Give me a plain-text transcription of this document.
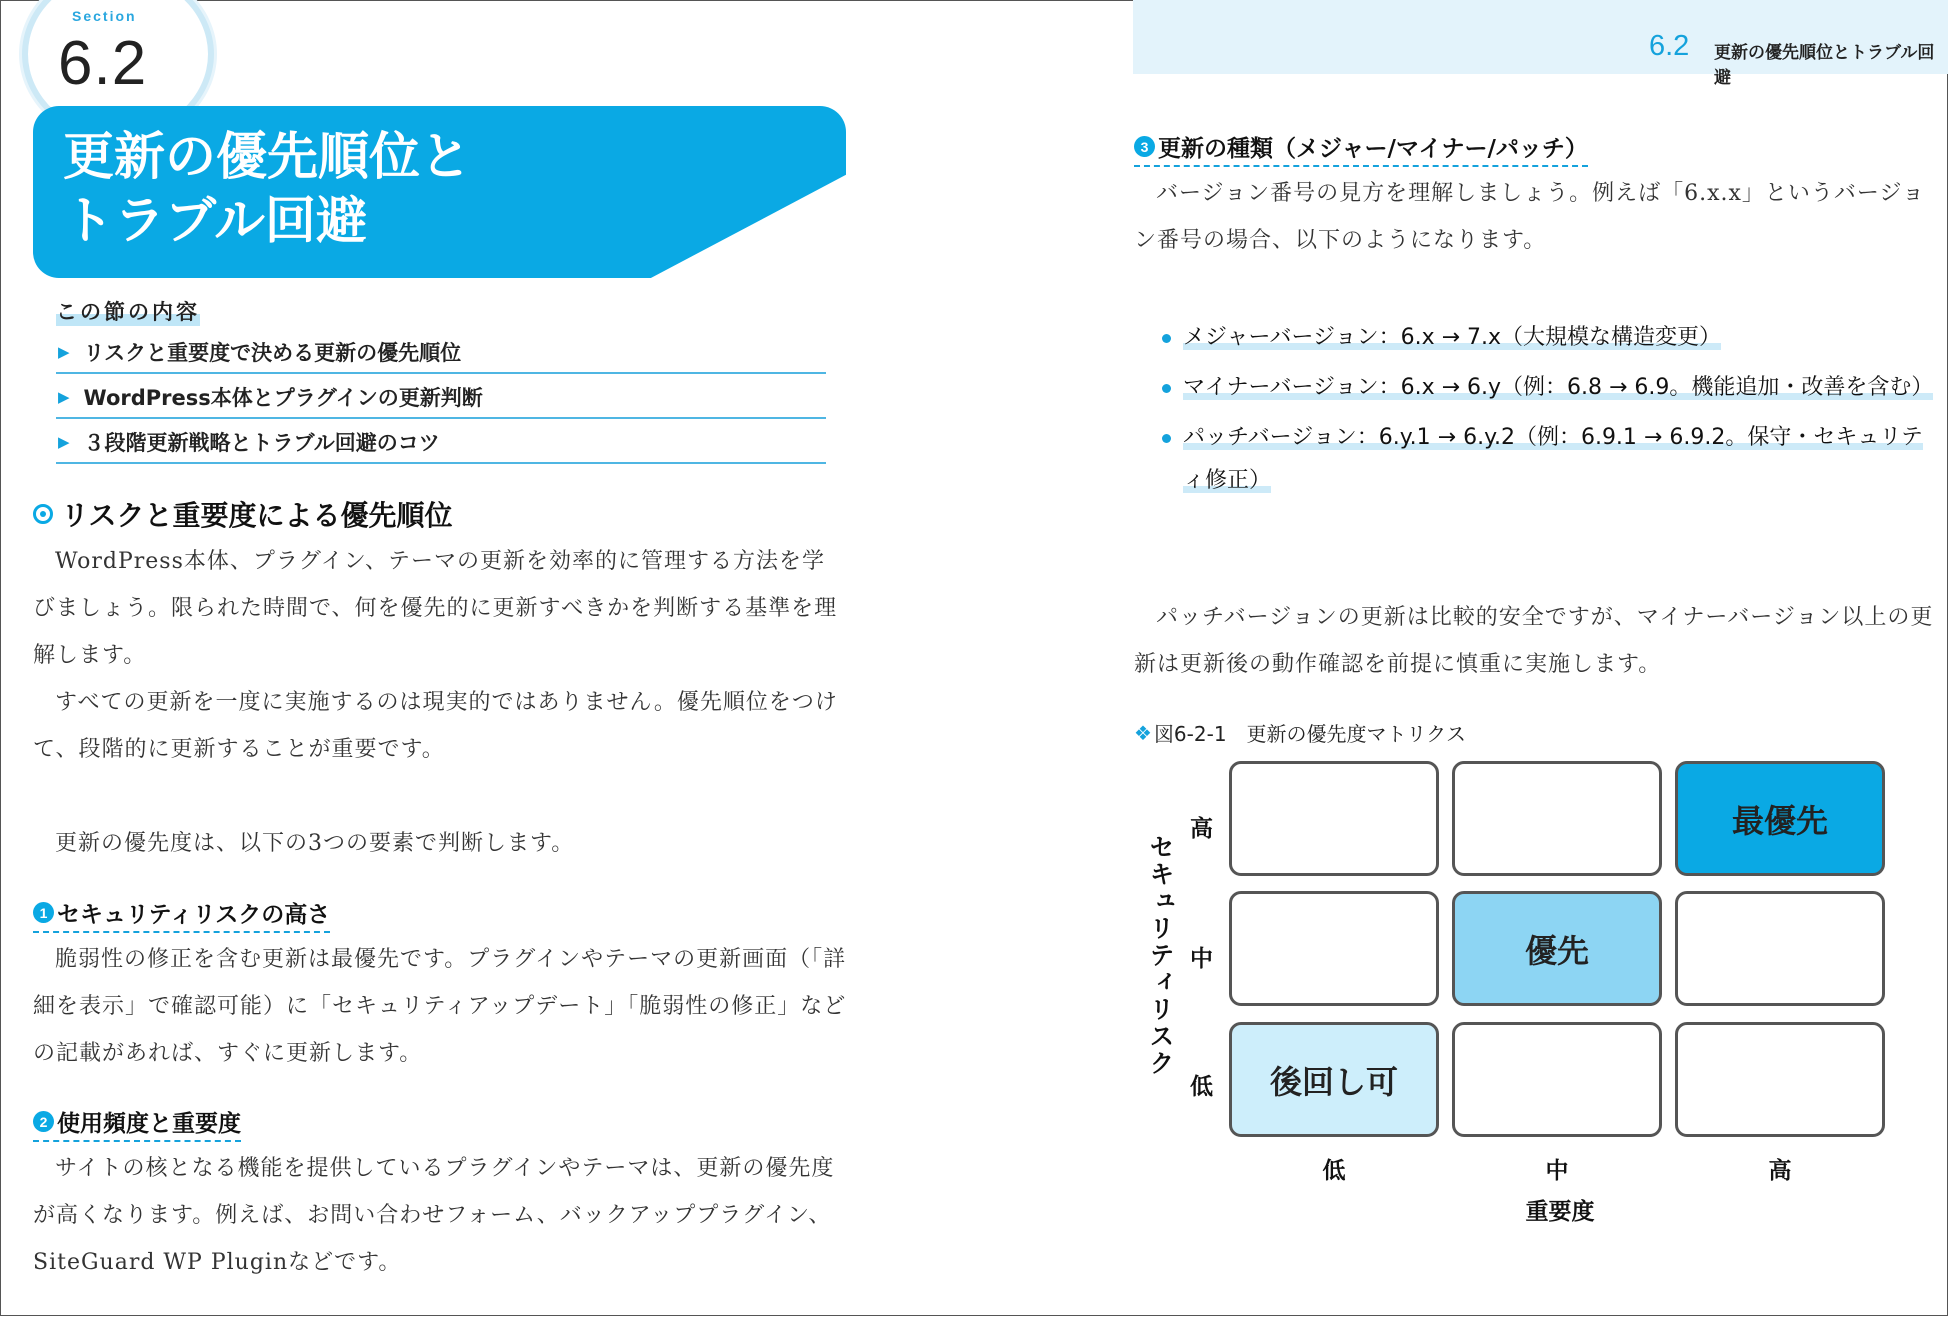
Section
6.2
更新の優先順位と
トラブル回避
この節の内容
▶ リスクと重要度で決める更新の優先順位
▶ WordPress本体とプラグインの更新判断
▶ ３段階更新戦略とトラブル回避のコツ
リスクと重要度による優先順位

WordPress本体、プラグイン、テーマの更新を効率的に管理する方法を学びましょう。限られた時間で、何を優先的に更新すべきかを判断する基準を理解します。

すべての更新を一度に実施するのは現実的ではありません。優先順位をつけて、段階的に更新することが重要です。

更新の優先度は、以下の3つの要素で判断します。

1 セキュリティリスクの高さ

脆弱性の修正を含む更新は最優先です。プラグインやテーマの更新画面（「詳細を表示」で確認可能）に「セキュリティアップデート」「脆弱性の修正」などの記載があれば、すぐに更新します。

2 使用頻度と重要度

サイトの核となる機能を提供しているプラグインやテーマは、更新の優先度が高くなります。例えば、お問い合わせフォーム、バックアッププラグイン、SiteGuard WP Pluginなどです。

6.2 更新の優先順位とトラブル回避
3 更新の種類（メジャー/マイナー/パッチ）

バージョン番号の見方を理解しましょう。例えば「6.x.x」というバージョン番号の場合、以下のようになります。

メジャーバージョン：6.x → 7.x（大規模な構造変更）
マイナーバージョン：6.x → 6.y（例：6.8 → 6.9。機能追加・改善を含む）
パッチバージョン：6.y.1 → 6.y.2（例：6.9.1 → 6.9.2。保守・セキュリティ修正）

パッチバージョンの更新は比較的安全ですが、マイナーバージョン以上の更新は更新後の動作確認を前提に慎重に実施します。

❖ 図6-2-1　更新の優先度マトリクス
セキュリティリスク
高
中
低
最優先
優先
後回し可
低	中	高
重要度
